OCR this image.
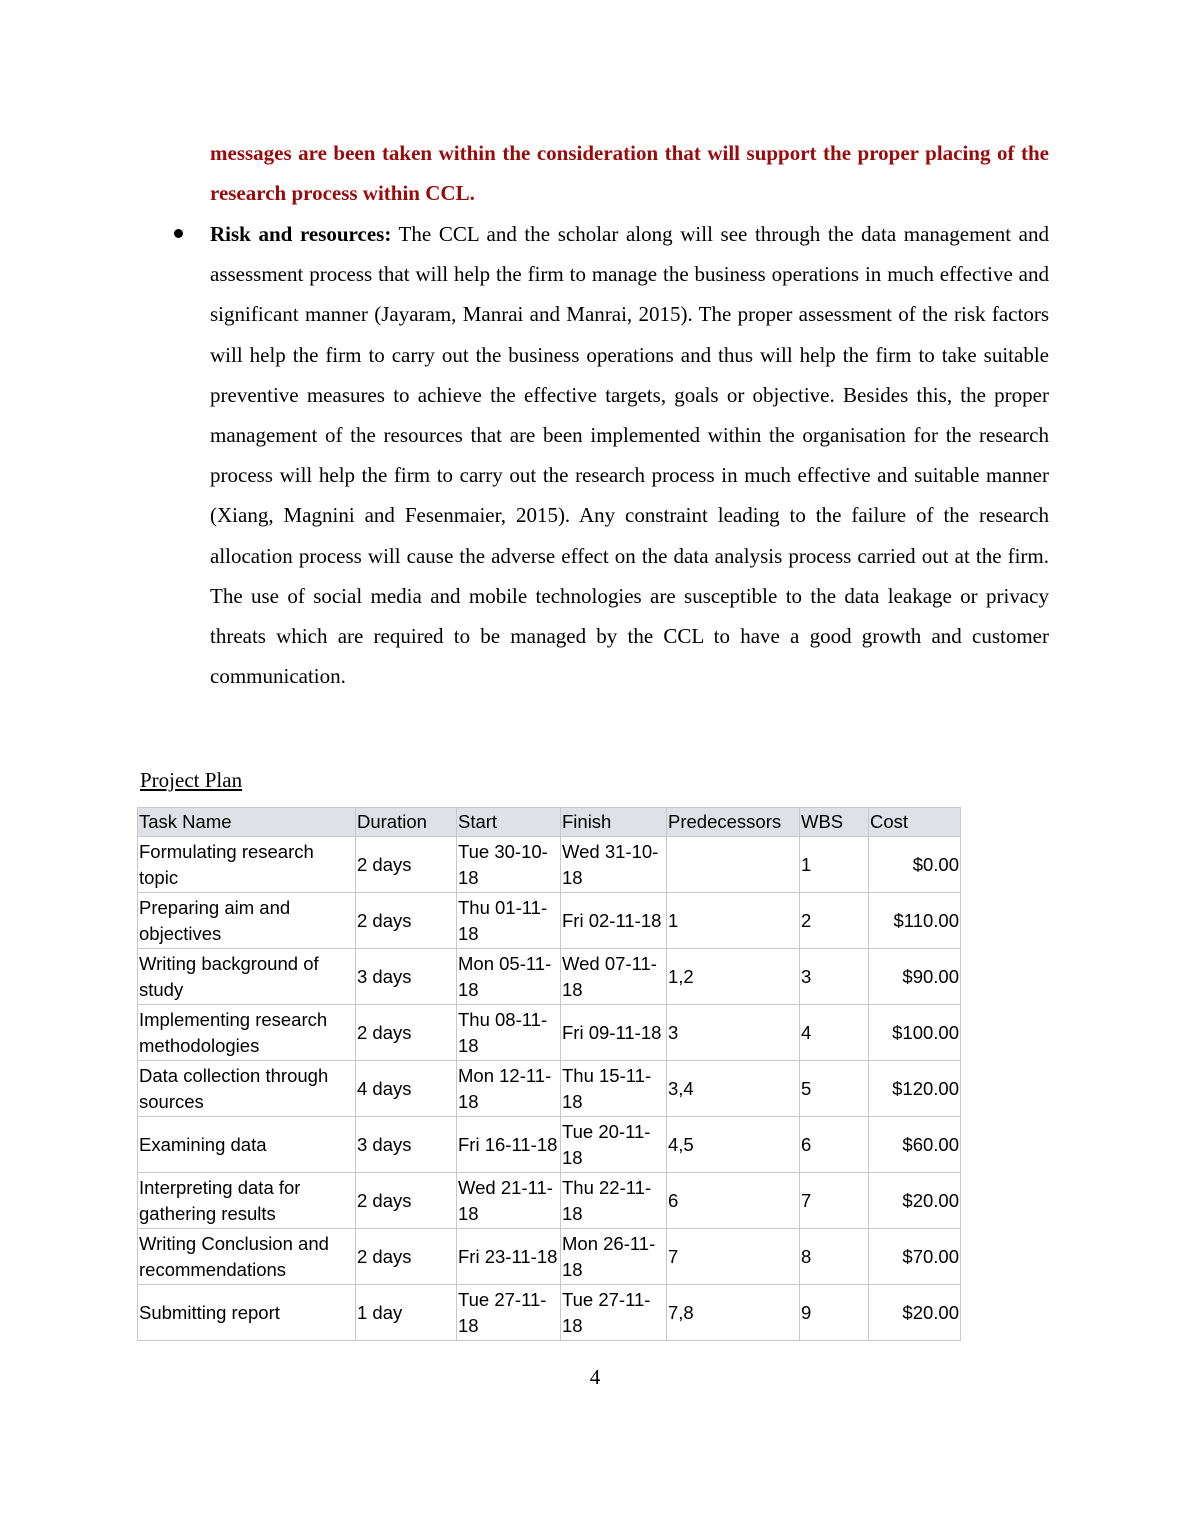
messages are been taken within the consideration that will support the proper placing of the research process within CCL.
Risk and resources: The CCL and the scholar along will see through the data management and assessment process that will help the firm to manage the business operations in much effective and significant manner (Jayaram, Manrai and Manrai, 2015). The proper assessment of the risk factors will help the firm to carry out the business operations and thus will help the firm to take suitable preventive measures to achieve the effective targets, goals or objective. Besides this, the proper management of the resources that are been implemented within the organisation for the research process will help the firm to carry out the research process in much effective and suitable manner (Xiang, Magnini and Fesenmaier, 2015). Any constraint leading to the failure of the research allocation process will cause the adverse effect on the data analysis process carried out at the firm. The use of social media and mobile technologies are susceptible to the data leakage or privacy threats which are required to be managed by the CCL to have a good growth and customer communication.
Project Plan
Task Name	Duration	Start	Finish	Predecessors	WBS	Cost
Formulating research topic	2 days	Tue 30-10-18	Wed 31-10-18		1	$0.00
Preparing aim and objectives	2 days	Thu 01-11-18	Fri 02-11-18	1	2	$110.00
Writing background of study	3 days	Mon 05-11-18	Wed 07-11-18	1,2	3	$90.00
Implementing research methodologies	2 days	Thu 08-11-18	Fri 09-11-18	3	4	$100.00
Data collection through sources	4 days	Mon 12-11-18	Thu 15-11-18	3,4	5	$120.00
Examining data	3 days	Fri 16-11-18	Tue 20-11-18	4,5	6	$60.00
Interpreting data for gathering results	2 days	Wed 21-11-18	Thu 22-11-18	6	7	$20.00
Writing Conclusion and recommendations	2 days	Fri 23-11-18	Mon 26-11-18	7	8	$70.00
Submitting report	1 day	Tue 27-11-18	Tue 27-11-18	7,8	9	$20.00
4
